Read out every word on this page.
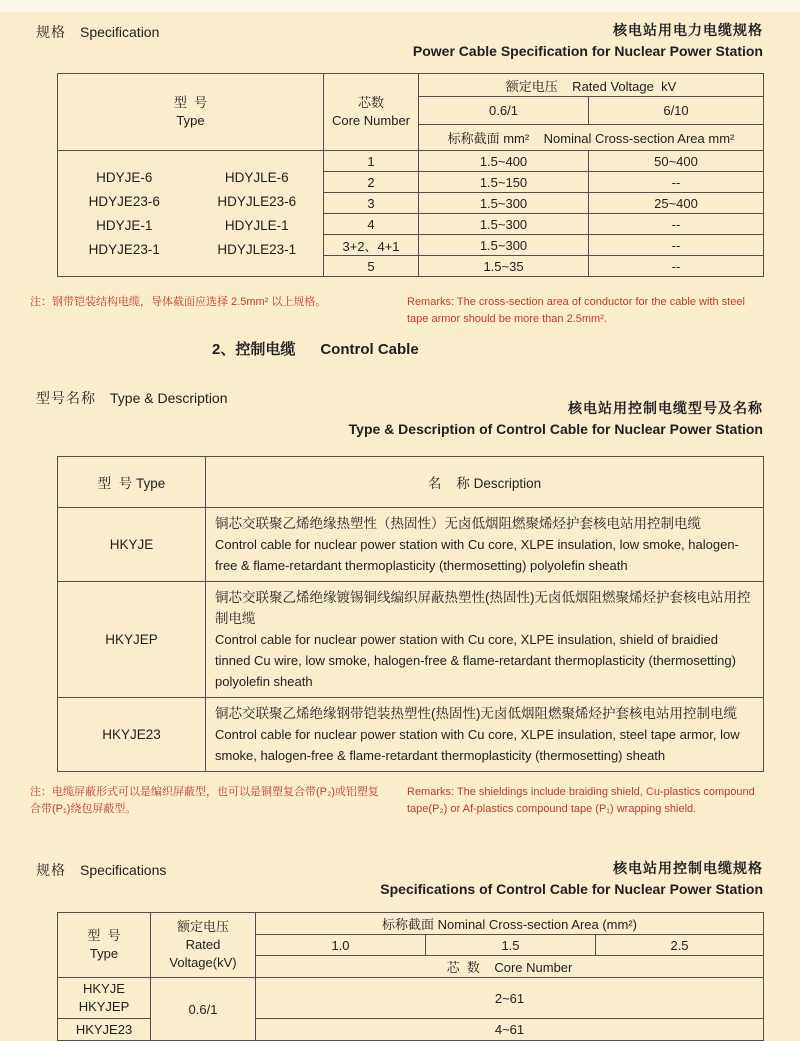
规格 Specification	核电站用电力电缆规格
Power Cable Specification for Nuclear Power Station
型  号
Type

芯数
Core Number
	额定电压    Rated Voltage  kV
		0.6/1	6/10
		标称截面 mm²    Nominal Cross-section Area mm²	

HDYJE-6	HDYJLE-6
HDYJE23-6	HDYJLE23-6
HDYJE-1	HDYJLE-1
HDYJE23-1	HDYJLE23-1
	1	1.5~400	50~400
	2	1.5~150	--
	3	1.5~300	25~400
	4	1.5~300	--
	3+2、4+1	1.5~300	--
	5	1.5~35	--
注：钢带铠装结构电缆，导体截面应选择 2.5mm² 以上规格。	Remarks: The cross-section area of conductor for the cable with steel tape armor should be more than 2.5mm².
2、控制电缆      Control Cable
型号名称 Type & Description
核电站用控制电缆型号及名称
Type & Description of Control Cable for Nuclear Power Station
型  号 Type	名    称 Description
HKYJE	铜芯交联聚乙烯绝缘热塑性（热固性）无卤低烟阻燃聚烯烃护套核电站用控制电缆
Control cable for nuclear power station with Cu core, XLPE insulation, low smoke, halogen-free & flame-retardant thermoplasticity (thermosetting) polyolefin sheath

HKYJEP	铜芯交联聚乙烯绝缘镀锡铜线编织屏蔽热塑性(热固性)无卤低烟阻燃聚烯烃护套核电站用控制电缆
Control cable for nuclear power station with Cu core, XLPE insulation, shield of braidied tinned Cu wire, low smoke, halogen-free & flame-retardant thermoplasticity (thermosetting) polyolefin sheath

HKYJE23	铜芯交联聚乙烯绝缘钢带铠装热塑性(热固性)无卤低烟阻燃聚烯烃护套核电站用控制电缆
Control cable for nuclear power station with Cu core, XLPE insulation, steel tape armor, low smoke, halogen-free & flame-retardant thermoplasticity (thermosetting) sheath
注：电缆屏蔽形式可以是编织屏蔽型，也可以是铜塑复合带(P₂)或铝塑复合带(P₁)绕包屏蔽型。
Remarks: The shieldings include braiding shield, Cu-plastics compound tape(P₂) or Af-plastics compound tape (P₁) wrapping shield.
规格 Specifications	核电站用控制电缆规格
Specifications of Control Cable for Nuclear Power Station
型  号
Type

额定电压
Rated
Voltage(kV)
	标称截面 Nominal Cross-section Area (mm²)
		1.0	1.5	2.5
		芯  数    Core Number		

HKYJE
HKYJEP	0.6/1	2~61		
HKYJE23		4~61		
